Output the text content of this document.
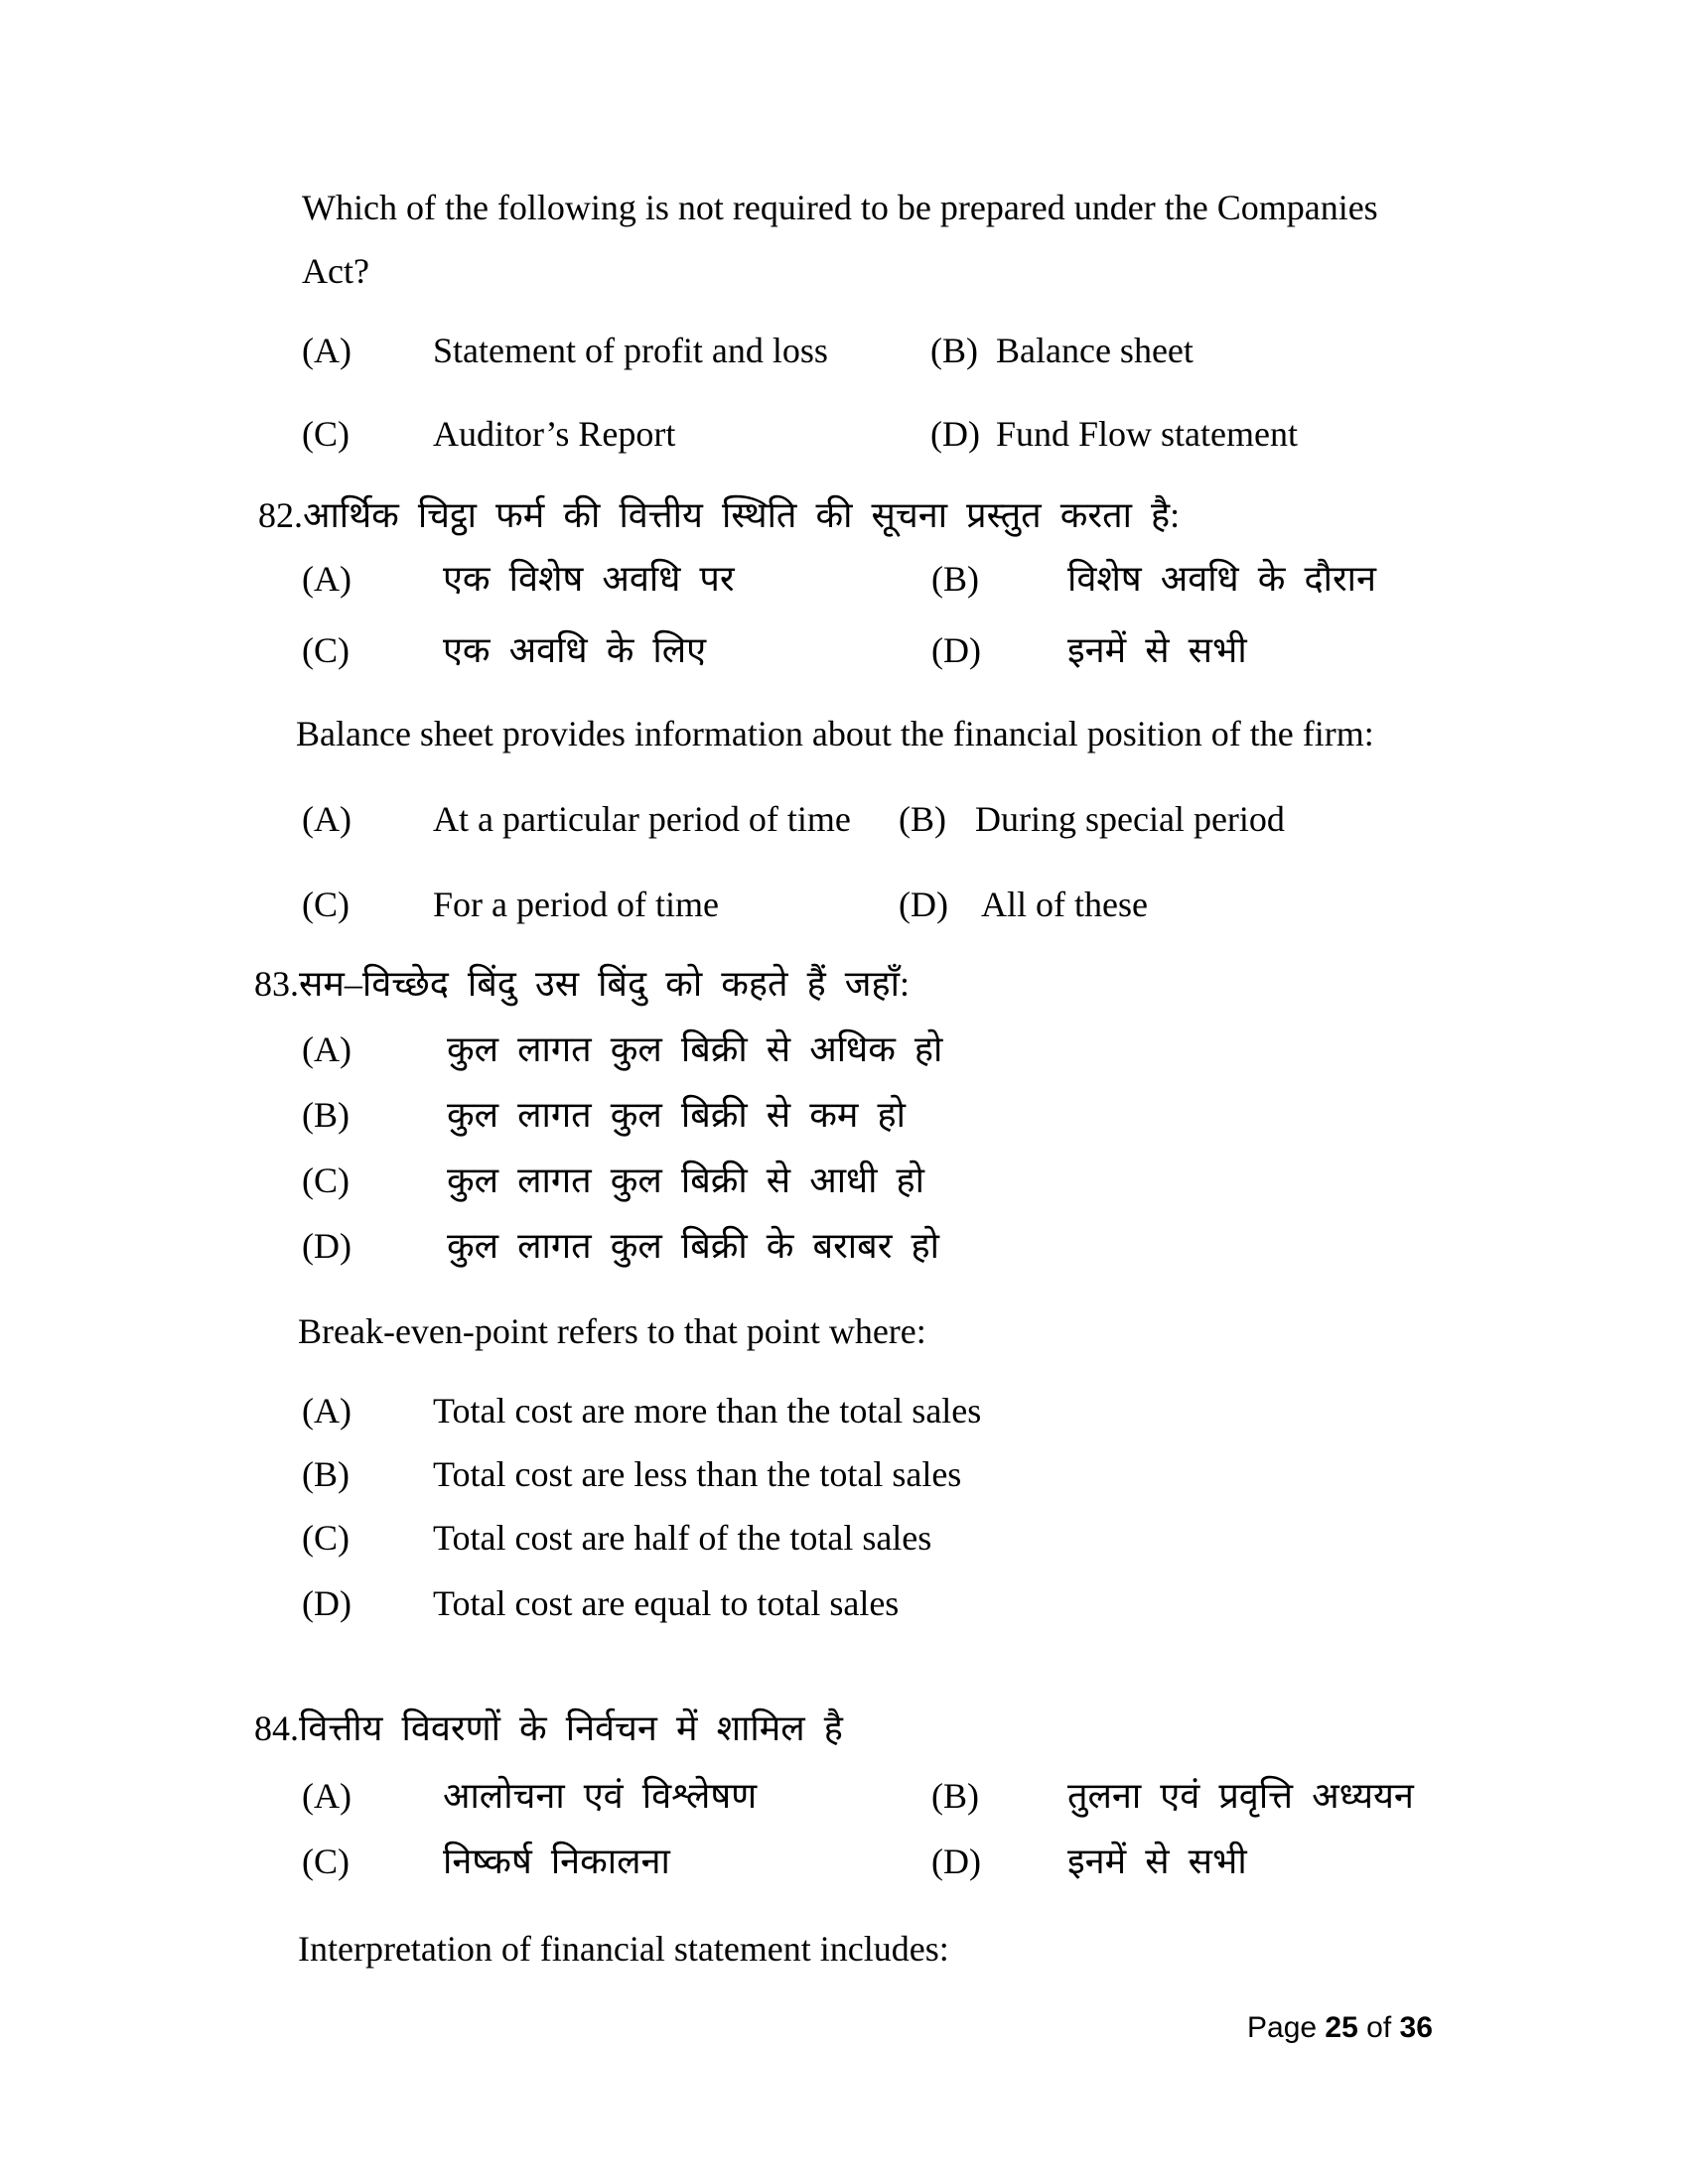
Which of the following is not required to be prepared under the Companies
Act?
(A) Statement of profit and loss	(B) Balance sheet
(C) Auditor’s Report	(D) Fund Flow statement
82.आर्थिक चिट्ठा फर्म की वित्तीय स्थिति की सूचना प्रस्तुत करता है:
(A)	एक विशेष अवधि पर	(B) विशेष अवधि के दौरान
(C)	एक अवधि के लिए	(D) इनमें से सभी
Balance sheet provides information about the financial position of the firm:
(A) At a particular period of time (B) During special period
(C) For a period of time	(D) All of these
83.सम–विच्छेद बिंदु उस बिंदु को कहते हैं जहाँ:
(A)	कुल लागत कुल बिक्री से अधिक हो
(B)	कुल लागत कुल बिक्री से कम हो
(C)	कुल लागत कुल बिक्री से आधी हो
(D)	कुल लागत कुल बिक्री के बराबर हो
Break-even-point refers to that point where:
(A) Total cost are more than the total sales
(B) Total cost are less than the total sales
(C) Total cost are half of the total sales
(D) Total cost are equal to total sales
84.वित्तीय विवरणों के निर्वचन में शामिल है
(A)	आलोचना एवं विश्लेषण	(B) तुलना एवं प्रवृत्ति अध्ययन
(C)	निष्कर्ष निकालना	(D) इनमें से सभी
Interpretation of financial statement includes:
Page 25 of 36
